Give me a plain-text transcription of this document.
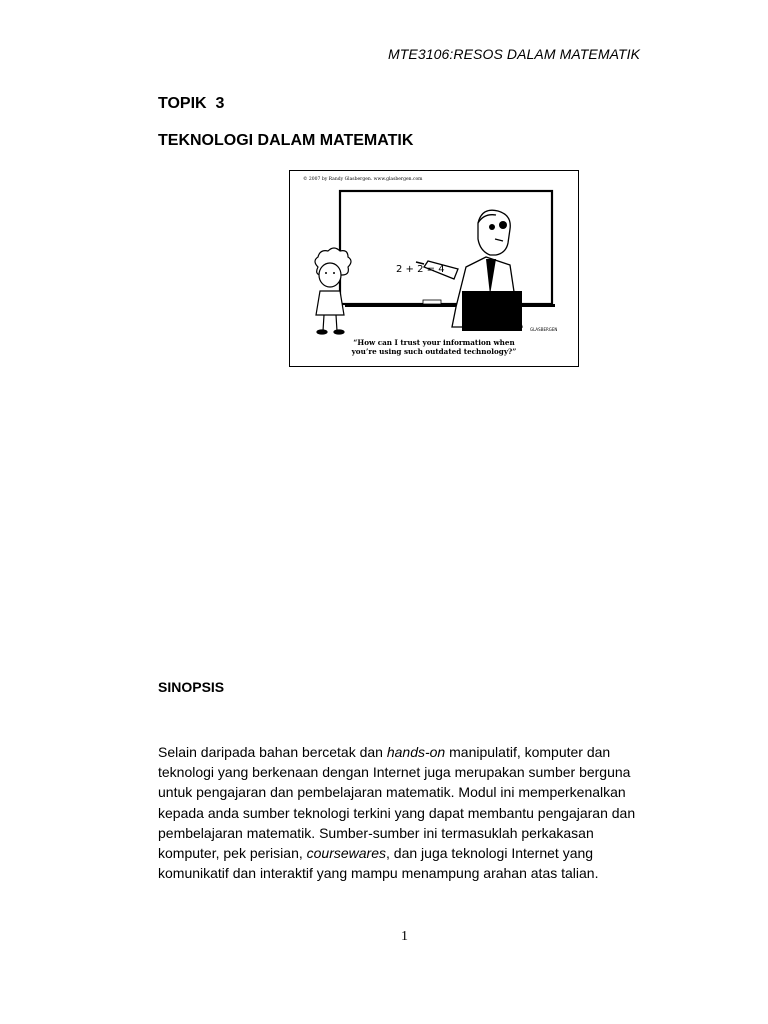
MTE3106:RESOS DALAM MATEMATIK
TOPIK  3
TEKNOLOGI DALAM MATEMATIK
© 2007 by Randy Glasbergen. www.glasbergen.com
2 + 2 = 4
GLASBERGEN
“How can I trust your information when
you’re using such outdated technology?”
SINOPSIS
Selain daripada bahan bercetak dan hands-on manipulatif, komputer dan teknologi yang berkenaan dengan Internet juga merupakan sumber berguna untuk pengajaran dan pembelajaran matematik. Modul ini memperkenalkan kepada anda sumber teknologi terkini yang dapat membantu pengajaran dan pembelajaran matematik. Sumber-sumber ini termasuklah perkakasan komputer, pek perisian, coursewares, dan juga teknologi Internet yang komunikatif dan interaktif yang mampu menampung arahan atas talian.
1
